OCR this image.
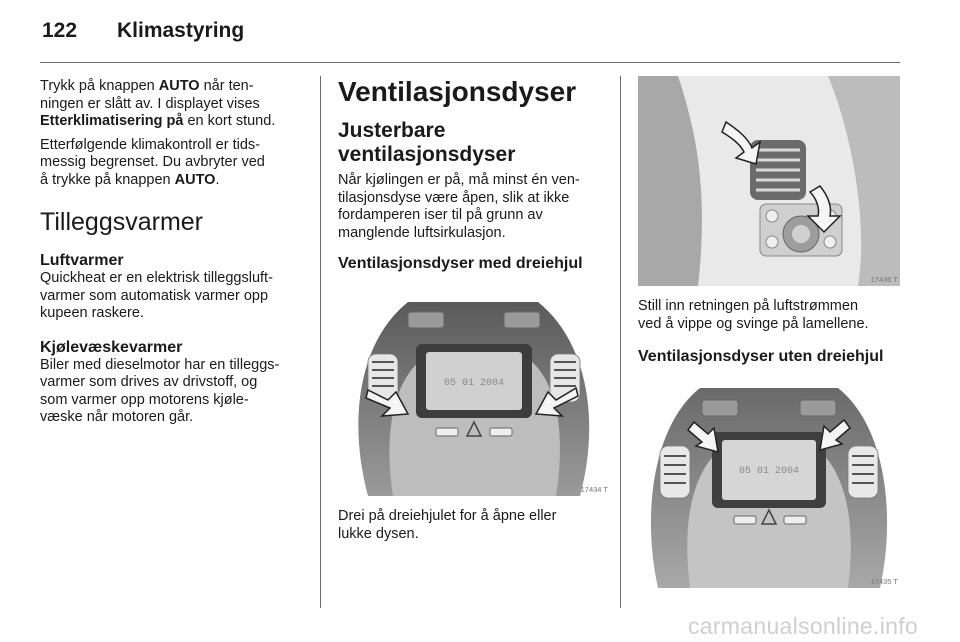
122 Klimastyring

Trykk på knappen AUTO når ten-
ningen er slått av. I displayet vises
Etterklimatisering på en kort stund.

Etterfølgende klimakontroll er tids-
messig begrenset. Du avbryter ved
å trykke på knappen AUTO.

Tilleggsvarmer
Luftvarmer

Quickheat er en elektrisk tilleggsluft-
varmer som automatisk varmer opp
kupeen raskere.

Kjølevæskevarmer

Biler med dieselmotor har en tilleggs-
varmer som drives av drivstoff, og
som varmer opp motorens kjøle-
væske når motoren går.

Ventilasjonsdyser
Justerbare
ventilasjonsdyser

Når kjølingen er på, må minst én ven-
tilasjonsdyse være åpen, slik at ikke
fordamperen iser til på grunn av
manglende luftsirkulasjon.

Ventilasjonsdyser med dreiehjul
05 01 2004
17434 T

Drei på dreiehjulet for å åpne eller
lukke dysen.

17436 T

Still inn retningen på luftstrømmen
ved å vippe og svinge på lamellene.

Ventilasjonsdyser uten dreiehjul
05 01 2004
17435 T
carmanualsonline.info
